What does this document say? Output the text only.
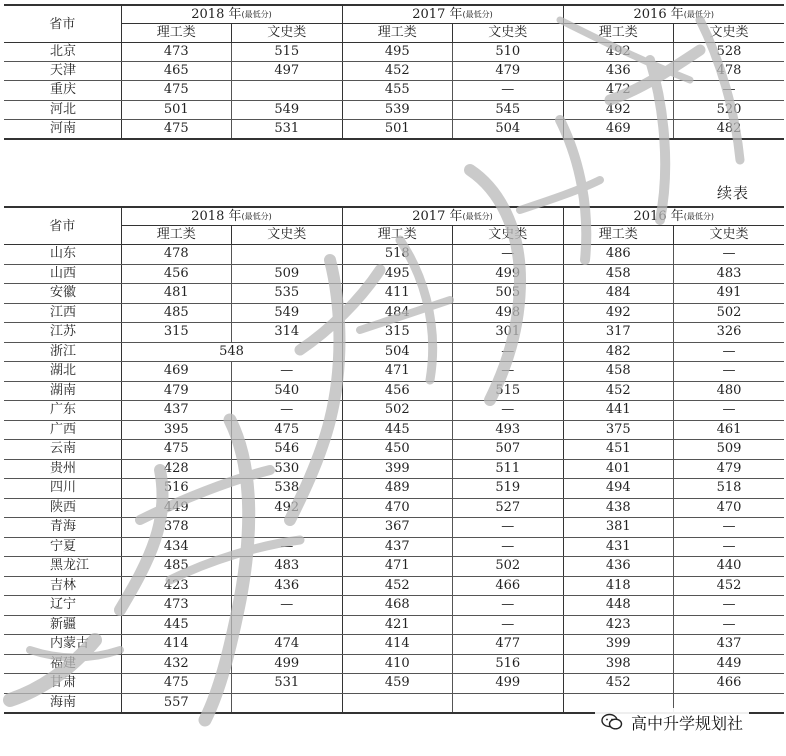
省市	2018 年(最低分)		2017 年(最低分)		2016 年(最低分)	
	理工类	文史类	理工类	文史类	理工类	文史类
北京	473	515	495	510	492	528
天津	465	497	452	479	436	478
重庆	475		455	—	472	—
河北	501	549	539	545	492	520
河南	475	531	501	504	469	482
续表
省市	2018 年(最低分)		2017 年(最低分)		2016 年(最低分)	
	理工类	文史类	理工类	文史类	理工类	文史类
山东	478		518	—	486	—
山西	456	509	495	499	458	483
安徽	481	535	411	505	484	491
江西	485	549	484	498	492	502
江苏	315	314	315	301	317	326
浙江	548		504	—	482	—
湖北	469	—	471	—	458	—
湖南	479	540	456	515	452	480
广东	437	—	502	—	441	—
广西	395	475	445	493	375	461
云南	475	546	450	507	451	509
贵州	428	530	399	511	401	479
四川	516	538	489	519	494	518
陕西	449	492	470	527	438	470
青海	378		367	—	381	—
宁夏	434	—	437	—	431	—
黑龙江	485	483	471	502	436	440
吉林	423	436	452	466	418	452
辽宁	473	—	468	—	448	—
新疆	445		421	—	423	—
内蒙古	414	474	414	477	399	437
福建	432	499	410	516	398	449
甘肃	475	531	459	499	452	466
海南	557					
高中升学规划社
